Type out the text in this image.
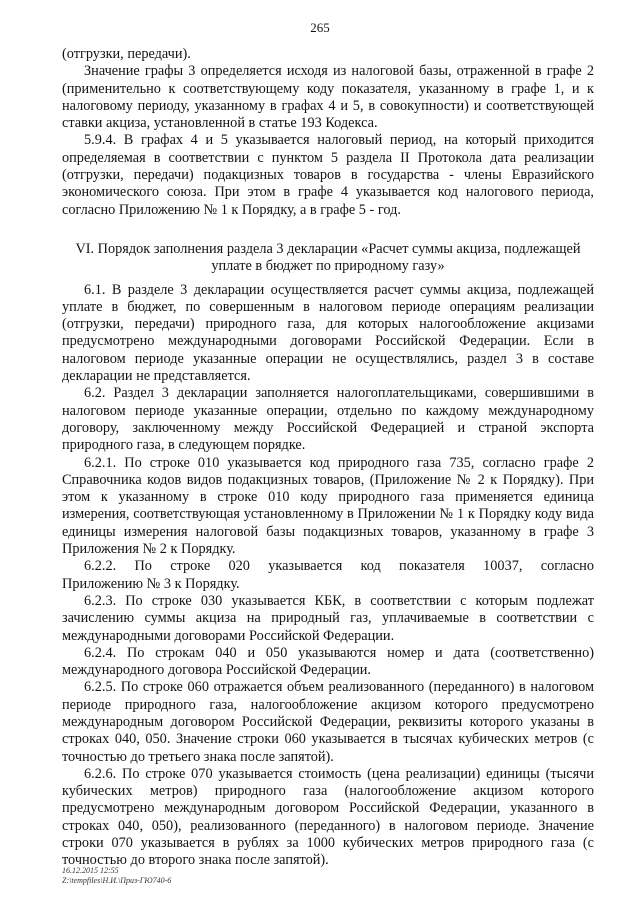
265
(отгрузки, передачи).
Значение графы 3 определяется исходя из налоговой базы, отраженной в графе 2
(применительно к соответствующему коду показателя, указанному в графе 1, и к
налоговому периоду, указанному в графах 4 и 5, в совокупности) и соответствующей
ставки акциза, установленной в статье 193 Кодекса.
5.9.4. В графах 4 и 5 указывается налоговый период, на который приходится
определяемая в соответствии с пунктом 5 раздела II Протокола дата реализации
(отгрузки, передачи) подакцизных товаров в государства - члены Евразийского
экономического союза. При этом в графе 4 указывается код налогового периода,
согласно Приложению № 1 к Порядку, а в графе 5 - год.
VI. Порядок заполнения раздела 3 декларации «Расчет суммы акциза, подлежащей
уплате в бюджет по природному газу»
6.1. В разделе 3 декларации осуществляется расчет суммы акциза, подлежащей
уплате в бюджет, по совершенным в налоговом периоде операциям реализации
(отгрузки, передачи) природного газа, для которых налогообложение акцизами
предусмотрено международными договорами Российской Федерации. Если в
налоговом периоде указанные операции не осуществлялись, раздел 3 в составе
декларации не представляется.
6.2. Раздел 3 декларации заполняется налогоплательщиками, совершившими в
налоговом периоде указанные операции, отдельно по каждому международному
договору, заключенному между Российской Федерацией и страной экспорта
природного газа, в следующем порядке.
6.2.1. По строке 010 указывается код природного газа 735, согласно графе 2
Справочника кодов видов подакцизных товаров, (Приложение № 2 к Порядку). При
этом к указанному в строке 010 коду природного газа применяется единица
измерения, соответствующая установленному в Приложении № 1 к Порядку коду вида
единицы измерения налоговой базы подакцизных товаров, указанному в графе 3
Приложения № 2 к Порядку.
6.2.2. По строке 020 указывается код показателя 10037, согласно
Приложению № 3 к Порядку.
6.2.3. По строке 030 указывается КБК, в соответствии с которым подлежат
зачислению суммы акциза на природный газ, уплачиваемые в соответствии с
международными договорами Российской Федерации.
6.2.4. По строкам 040 и 050 указываются номер и дата (соответственно)
международного договора Российской Федерации.
6.2.5. По строке 060 отражается объем реализованного (переданного) в налоговом
периоде природного газа, налогообложение акцизом которого предусмотрено
международным договором Российской Федерации, реквизиты которого указаны в
строках 040, 050. Значение строки 060 указывается в тысячах кубических метров (с
точностью до третьего знака после запятой).
6.2.6. По строке 070 указывается стоимость (цена реализации) единицы (тысячи
кубических метров) природного газа (налогообложение акцизом которого
предусмотрено международным договором Российской Федерации, указанного в
строках 040, 050), реализованного (переданного) в налоговом периоде. Значение
строки 070 указывается в рублях за 1000 кубических метров природного газа (с
точностью до второго знака после запятой).
16.12.2015 12:55
Z:\tempfiles\Н.И.\Приз-ГЮ740-6
